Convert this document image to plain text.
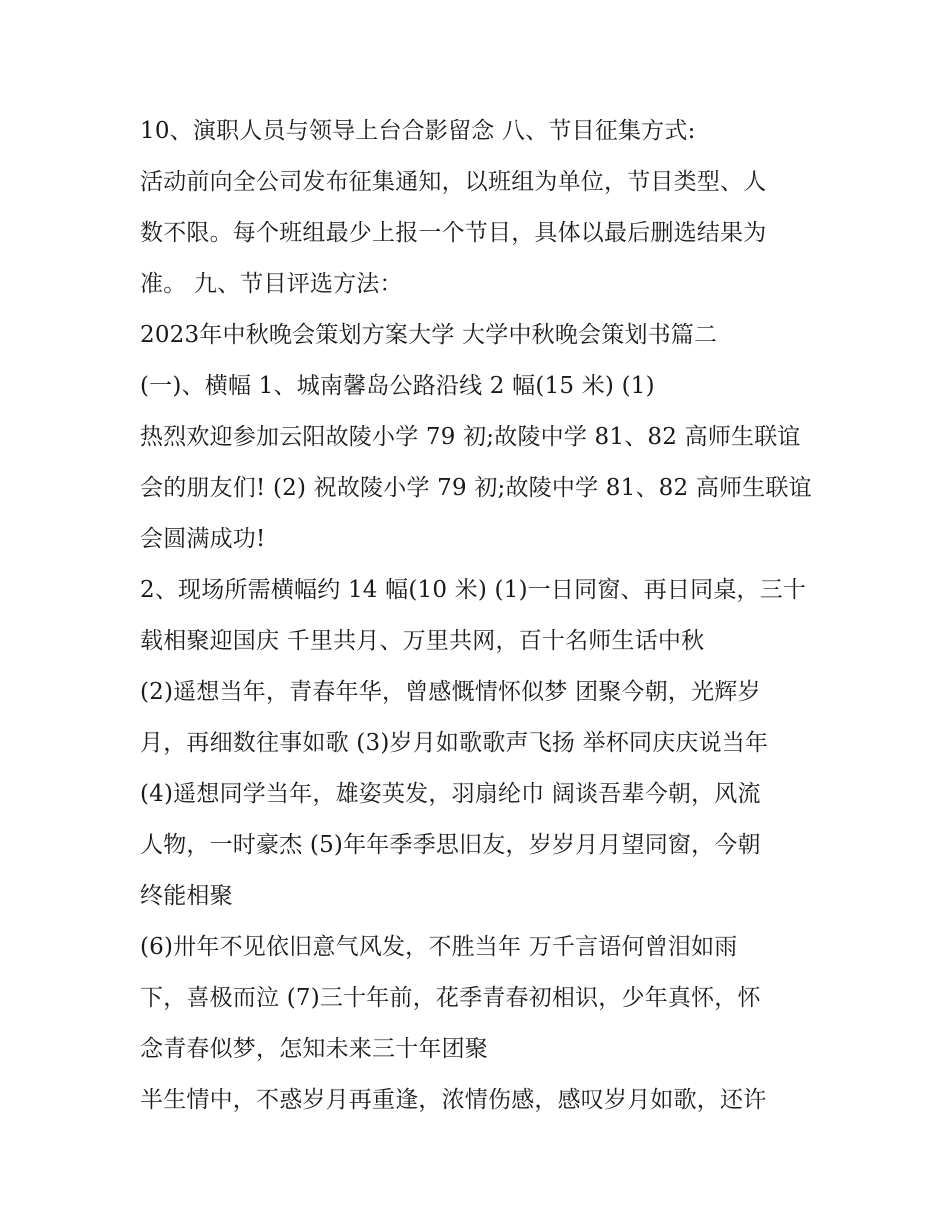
10、演职人员与领导上台合影留念 八、节目征集方式:
活动前向全公司发布征集通知，以班组为单位，节目类型、人
数不限。每个班组最少上报一个节目，具体以最后删选结果为
准。 九、节目评选方法：
2023年中秋晚会策划方案大学 大学中秋晚会策划书篇二
(一)、横幅 1、城南馨岛公路沿线 2 幅(15 米) (1)
热烈欢迎参加云阳故陵小学 79 初;故陵中学 81、82 高师生联谊
会的朋友们! (2) 祝故陵小学 79 初;故陵中学 81、82 高师生联谊
会圆满成功!
2、现场所需横幅约 14 幅(10 米) (1)一日同窗、再日同桌，三十
载相聚迎国庆 千里共月、万里共网，百十名师生话中秋
(2)遥想当年，青春年华，曾感慨情怀似梦 团聚今朝，光辉岁
月，再细数往事如歌 (3)岁月如歌歌声飞扬 举杯同庆庆说当年
(4)遥想同学当年，雄姿英发，羽扇纶巾 阔谈吾辈今朝，风流
人物，一时豪杰 (5)年年季季思旧友，岁岁月月望同窗，今朝
终能相聚
(6)卅年不见依旧意气风发，不胜当年 万千言语何曾泪如雨
下，喜极而泣 (7)三十年前，花季青春初相识，少年真怀，怀
念青春似梦，怎知未来三十年团聚
半生情中，不惑岁月再重逢，浓情伤感，感叹岁月如歌，还许
